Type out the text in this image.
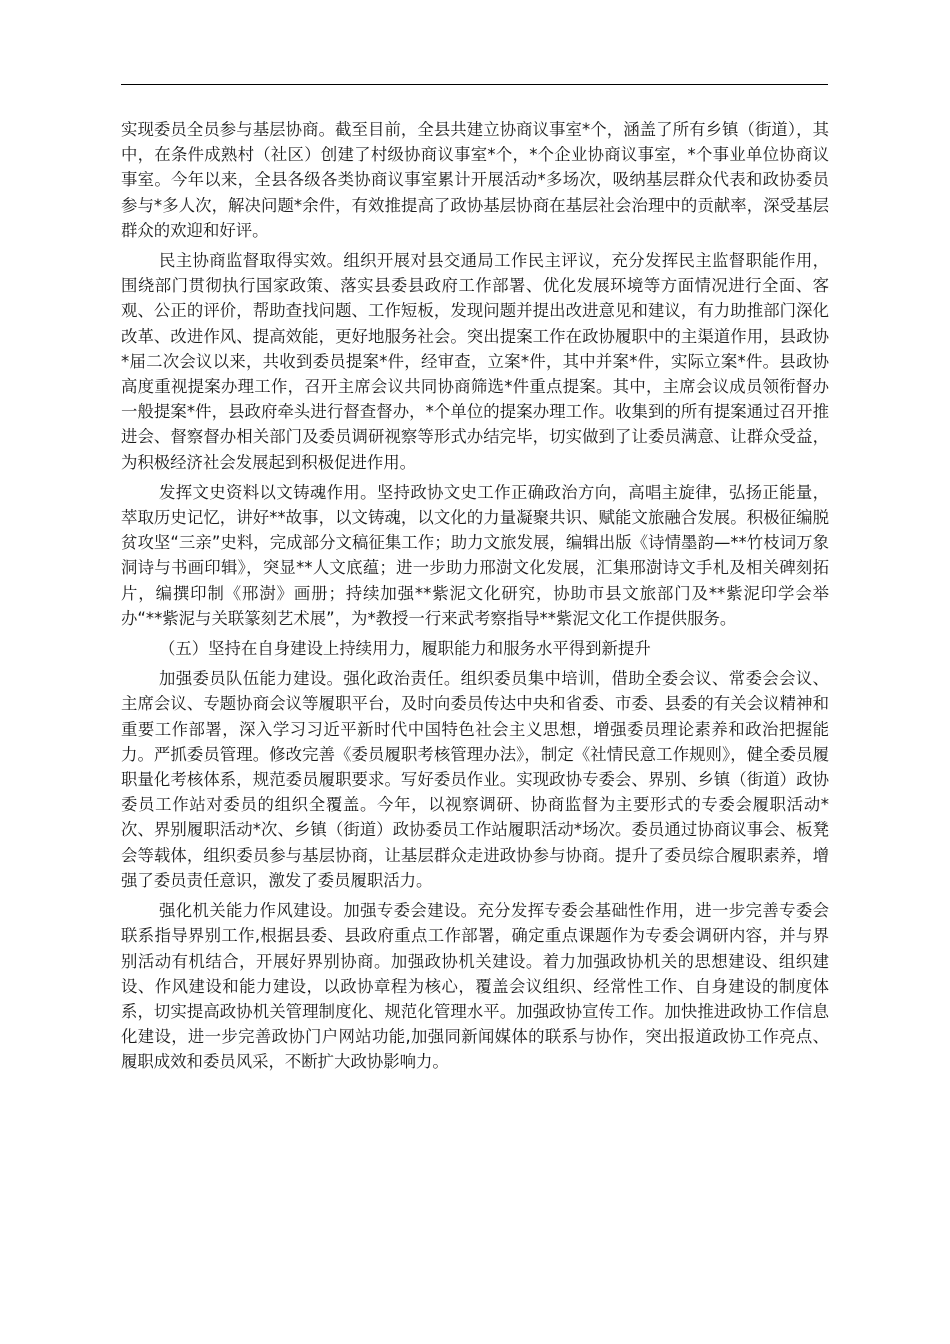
实现委员全员参与基层协商。截至目前，全县共建立协商议事室*个，涵盖了所有乡镇（街道），其中，在条件成熟村（社区）创建了村级协商议事室*个，*个企业协商议事室，*个事业单位协商议事室。今年以来，全县各级各类协商议事室累计开展活动*多场次，吸纳基层群众代表和政协委员参与*多人次，解决问题*余件，有效推提高了政协基层协商在基层社会治理中的贡献率，深受基层群众的欢迎和好评。

民主协商监督取得实效。组织开展对县交通局工作民主评议，充分发挥民主监督职能作用，围绕部门贯彻执行国家政策、落实县委县政府工作部署、优化发展环境等方面情况进行全面、客观、公正的评价，帮助查找问题、工作短板，发现问题并提出改进意见和建议，有力助推部门深化改革、改进作风、提高效能，更好地服务社会。突出提案工作在政协履职中的主渠道作用，县政协*届二次会议以来，共收到委员提案*件，经审查，立案*件，其中并案*件，实际立案*件。县政协高度重视提案办理工作，召开主席会议共同协商筛选*件重点提案。其中，主席会议成员领衔督办一般提案*件，县政府牵头进行督查督办，*个单位的提案办理工作。收集到的所有提案通过召开推进会、督察督办相关部门及委员调研视察等形式办结完毕，切实做到了让委员满意、让群众受益，为积极经济社会发展起到积极促进作用。

发挥文史资料以文铸魂作用。坚持政协文史工作正确政治方向，高唱主旋律，弘扬正能量，萃取历史记忆，讲好**故事，以文铸魂，以文化的力量凝聚共识、赋能文旅融合发展。积极征编脱贫攻坚“三亲”史料，完成部分文稿征集工作；助力文旅发展，编辑出版《诗情墨韵—**竹枝词万象洞诗与书画印辑》，突显**人文底蕴；进一步助力邢澍文化发展，汇集邢澍诗文手札及相关碑刻拓片，编撰印制《邢澍》画册；持续加强**紫泥文化研究，协助市县文旅部门及**紫泥印学会举办“**紫泥与关联篆刻艺术展”，为*教授一行来武考察指导**紫泥文化工作提供服务。

（五）坚持在自身建设上持续用力，履职能力和服务水平得到新提升

加强委员队伍能力建设。强化政治责任。组织委员集中培训，借助全委会议、常委会会议、主席会议、专题协商会议等履职平台，及时向委员传达中央和省委、市委、县委的有关会议精神和重要工作部署，深入学习习近平新时代中国特色社会主义思想，增强委员理论素养和政治把握能力。严抓委员管理。修改完善《委员履职考核管理办法》，制定《社情民意工作规则》，健全委员履职量化考核体系，规范委员履职要求。写好委员作业。实现政协专委会、界别、乡镇（街道）政协委员工作站对委员的组织全覆盖。今年，以视察调研、协商监督为主要形式的专委会履职活动*次、界别履职活动*次、乡镇（街道）政协委员工作站履职活动*场次。委员通过协商议事会、板凳会等载体，组织委员参与基层协商，让基层群众走进政协参与协商。提升了委员综合履职素养，增强了委员责任意识，激发了委员履职活力。

强化机关能力作风建设。加强专委会建设。充分发挥专委会基础性作用，进一步完善专委会联系指导界别工作,根据县委、县政府重点工作部署，确定重点课题作为专委会调研内容，并与界别活动有机结合，开展好界别协商。加强政协机关建设。着力加强政协机关的思想建设、组织建设、作风建设和能力建设，以政协章程为核心，覆盖会议组织、经常性工作、自身建设的制度体系，切实提高政协机关管理制度化、规范化管理水平。加强政协宣传工作。加快推进政协工作信息化建设，进一步完善政协门户网站功能,加强同新闻媒体的联系与协作，突出报道政协工作亮点、履职成效和委员风采，不断扩大政协影响力。
